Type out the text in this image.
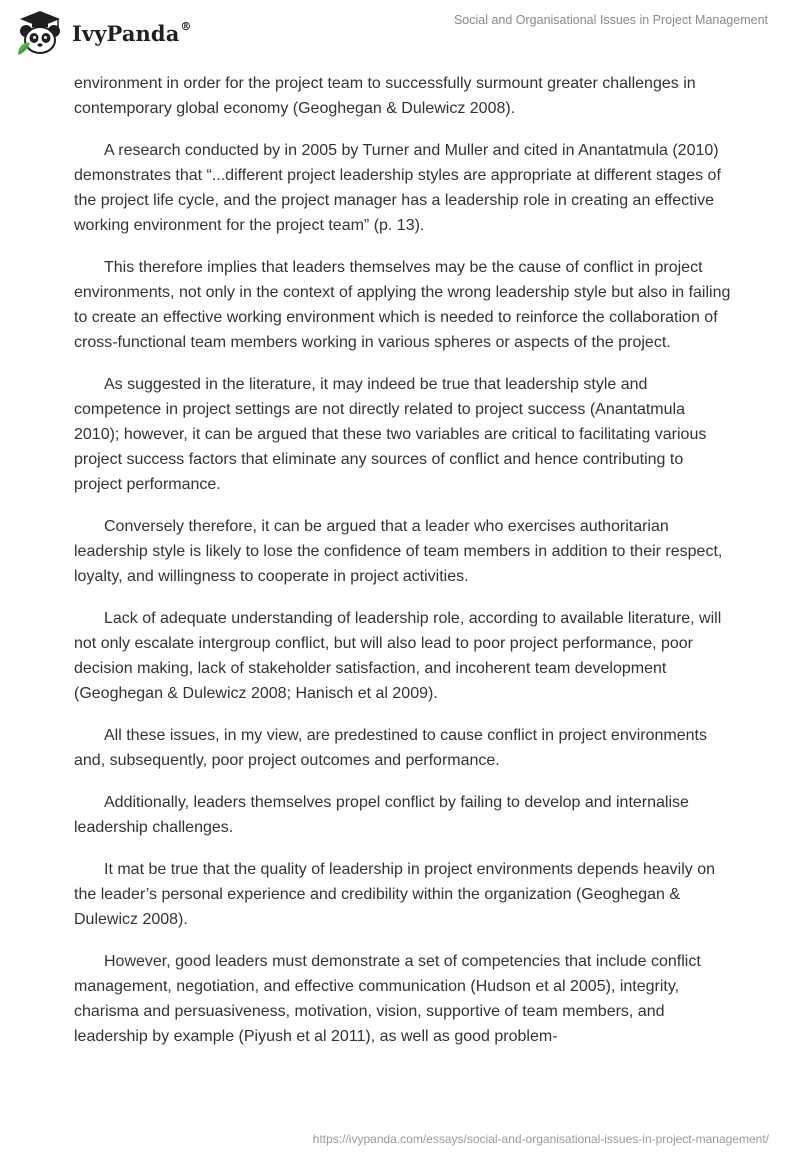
IvyPanda®	Social and Organisational Issues in Project Management

environment in order for the project team to successfully surmount greater challenges in contemporary global economy (Geoghegan & Dulewicz 2008).

A research conducted by in 2005 by Turner and Muller and cited in Anantatmula (2010) demonstrates that “...different project leadership styles are appropriate at different stages of the project life cycle, and the project manager has a leadership role in creating an effective working environment for the project team” (p. 13).

This therefore implies that leaders themselves may be the cause of conflict in project environments, not only in the context of applying the wrong leadership style but also in failing to create an effective working environment which is needed to reinforce the collaboration of cross-functional team members working in various spheres or aspects of the project.

As suggested in the literature, it may indeed be true that leadership style and competence in project settings are not directly related to project success (Anantatmula 2010); however, it can be argued that these two variables are critical to facilitating various project success factors that eliminate any sources of conflict and hence contributing to project performance.

Conversely therefore, it can be argued that a leader who exercises authoritarian leadership style is likely to lose the confidence of team members in addition to their respect, loyalty, and willingness to cooperate in project activities.

Lack of adequate understanding of leadership role, according to available literature, will not only escalate intergroup conflict, but will also lead to poor project performance, poor decision making, lack of stakeholder satisfaction, and incoherent team development (Geoghegan & Dulewicz 2008; Hanisch et al 2009).

All these issues, in my view, are predestined to cause conflict in project environments and, subsequently, poor project outcomes and performance.

Additionally, leaders themselves propel conflict by failing to develop and internalise leadership challenges.

It mat be true that the quality of leadership in project environments depends heavily on the leader’s personal experience and credibility within the organization (Geoghegan & Dulewicz 2008).

However, good leaders must demonstrate a set of competencies that include conflict management, negotiation, and effective communication (Hudson et al 2005), integrity, charisma and persuasiveness, motivation, vision, supportive of team members, and leadership by example (Piyush et al 2011), as well as good problem-

https://ivypanda.com/essays/social-and-organisational-issues-in-project-management/
